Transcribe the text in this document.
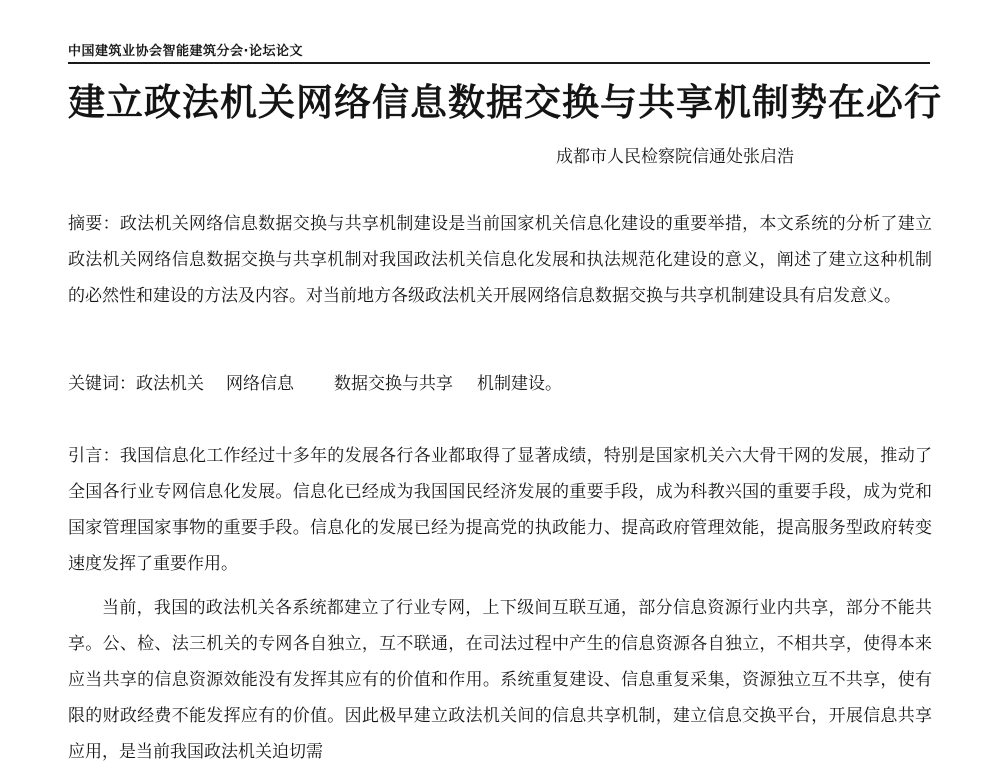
中国建筑业协会智能建筑分会·论坛论文
建立政法机关网络信息数据交换与共享机制势在必行
成都市人民检察院信通处张启浩

摘要：政法机关网络信息数据交换与共享机制建设是当前国家机关信息化建设的重要举措，本文系统的分析了建立政法机关网络信息数据交换与共享机制对我国政法机关信息化发展和执法规范化建设的意义，阐述了建立这种机制的必然性和建设的方法及内容。对当前地方各级政法机关开展网络信息数据交换与共享机制建设具有启发意义。

关键词：政法机关 网络信息 数据交换与共享 机制建设。

引言：我国信息化工作经过十多年的发展各行各业都取得了显著成绩，特别是国家机关六大骨干网的发展，推动了全国各行业专网信息化发展。信息化已经成为我国国民经济发展的重要手段，成为科教兴国的重要手段，成为党和国家管理国家事物的重要手段。信息化的发展已经为提高党的执政能力、提高政府管理效能，提高服务型政府转变速度发挥了重要作用。

当前，我国的政法机关各系统都建立了行业专网，上下级间互联互通，部分信息资源行业内共享，部分不能共享。公、检、法三机关的专网各自独立，互不联通，在司法过程中产生的信息资源各自独立，不相共享，使得本来应当共享的信息资源效能没有发挥其应有的价值和作用。系统重复建设、信息重复采集，资源独立互不共享，使有限的财政经费不能发挥应有的价值。因此极早建立政法机关间的信息共享机制，建立信息交换平台，开展信息共享应用，是当前我国政法机关迫切需
